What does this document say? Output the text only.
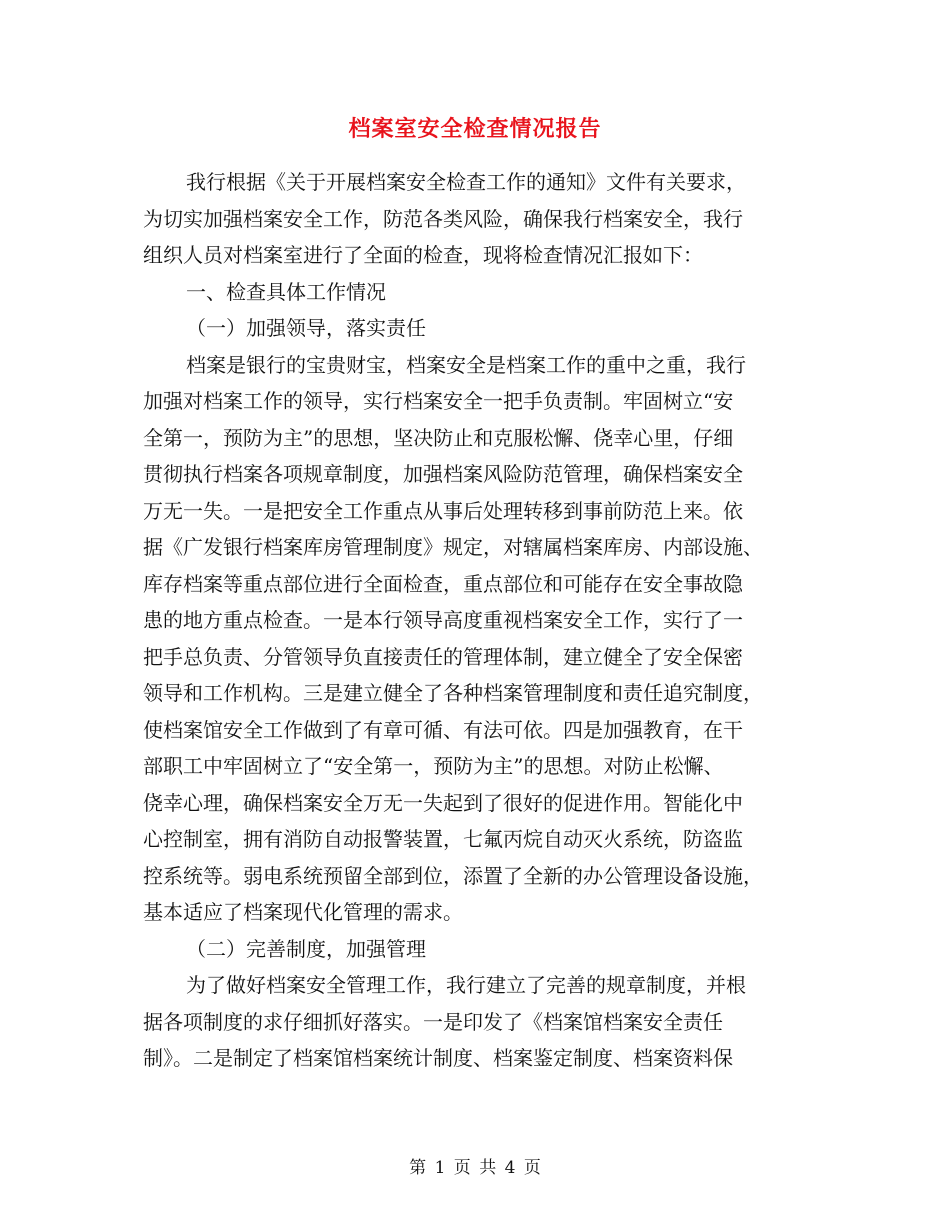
档案室安全检查情况报告
我行根据《关于开展档案安全检查工作的通知》文件有关要求，
为切实加强档案安全工作，防范各类风险，确保我行档案安全，我行
组织人员对档案室进行了全面的检查，现将检查情况汇报如下：
一、检查具体工作情况
（一）加强领导，落实责任
档案是银行的宝贵财宝，档案安全是档案工作的重中之重，我行
加强对档案工作的领导，实行档案安全一把手负责制。牢固树立“安
全第一，预防为主”的思想，坚决防止和克服松懈、侥幸心里，仔细
贯彻执行档案各项规章制度，加强档案风险防范管理，确保档案安全
万无一失。一是把安全工作重点从事后处理转移到事前防范上来。依
据《广发银行档案库房管理制度》规定，对辖属档案库房、内部设施、
库存档案等重点部位进行全面检查，重点部位和可能存在安全事故隐
患的地方重点检查。一是本行领导高度重视档案安全工作，实行了一
把手总负责、分管领导负直接责任的管理体制，建立健全了安全保密
领导和工作机构。三是建立健全了各种档案管理制度和责任追究制度，
使档案馆安全工作做到了有章可循、有法可依。四是加强教育，在干
部职工中牢固树立了“安全第一，预防为主”的思想。对防止松懈、
侥幸心理，确保档案安全万无一失起到了很好的促进作用。智能化中
心控制室，拥有消防自动报警装置，七氟丙烷自动灭火系统，防盗监
控系统等。弱电系统预留全部到位，添置了全新的办公管理设备设施，
基本适应了档案现代化管理的需求。
（二）完善制度，加强管理
为了做好档案安全管理工作，我行建立了完善的规章制度，并根
据各项制度的求仔细抓好落实。一是印发了《档案馆档案安全责任
制》。二是制定了档案馆档案统计制度、档案鉴定制度、档案资料保
第 1 页 共 4 页
